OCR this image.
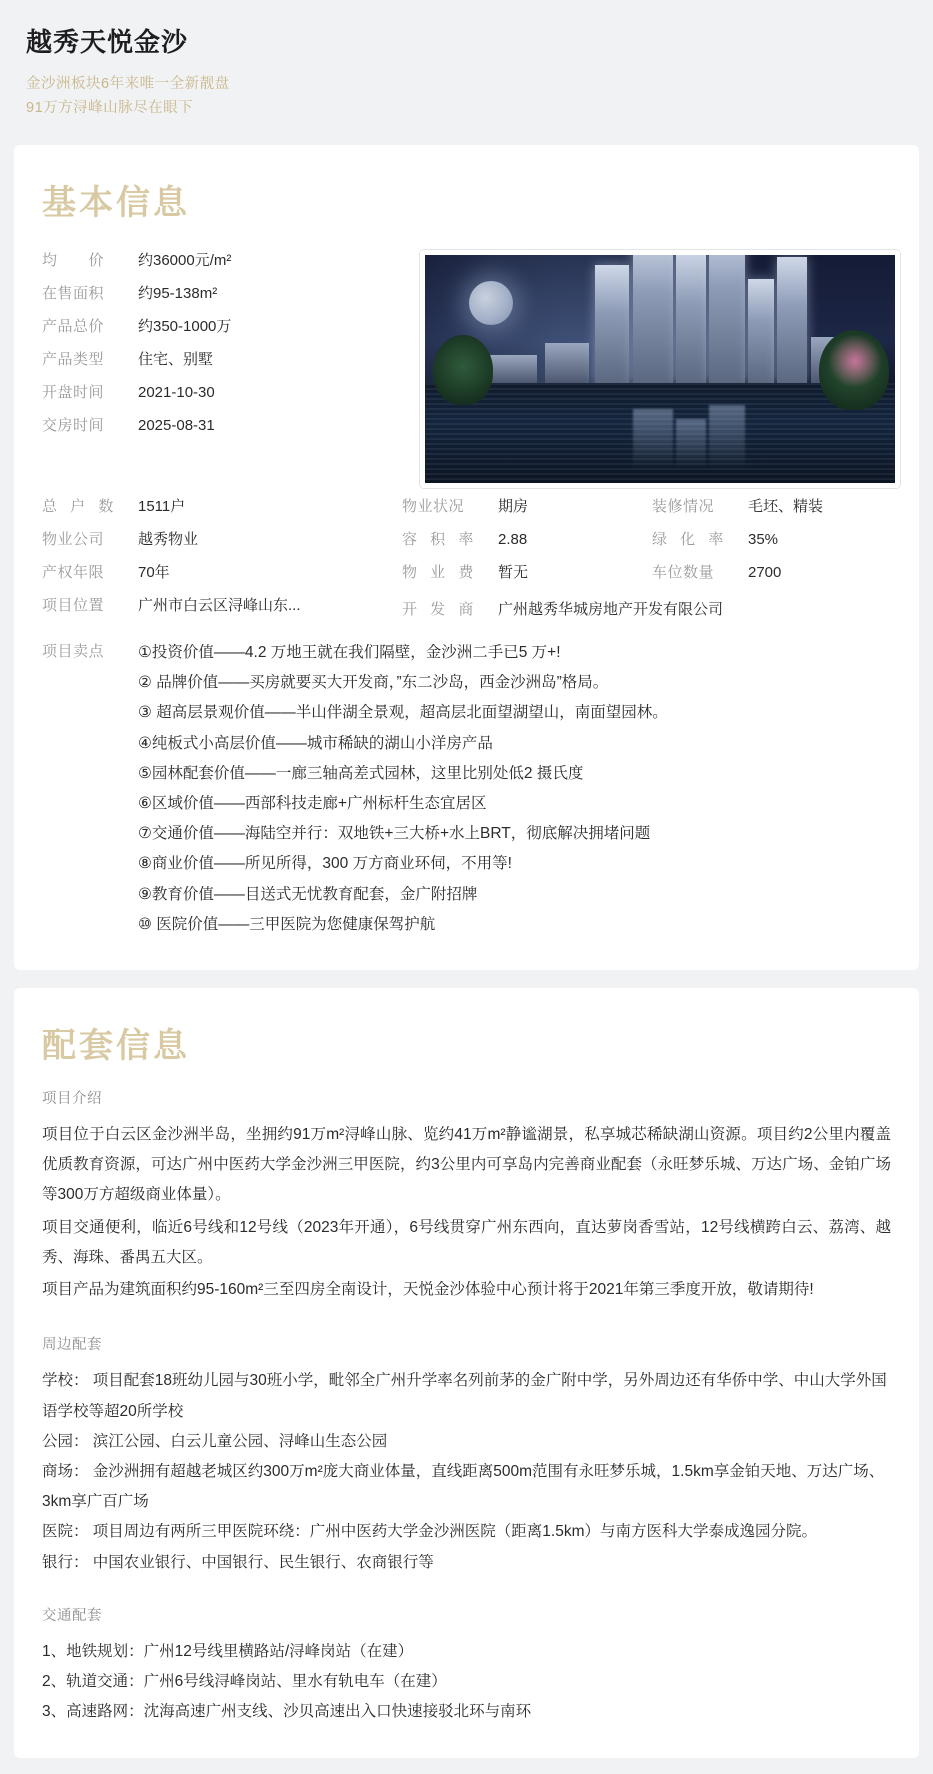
越秀天悦金沙
金沙洲板块6年来唯一全新靓盘
91万方浔峰山脉尽在眼下
基本信息
均　　价	约36000元/m²
在售面积	约95-138m²
产品总价	约350-1000万
产品类型	住宅、别墅
开盘时间	2021-10-30
交房时间	2025-08-31
总 户 数	1511户	物业状况	期房	装修情况	毛坯、精装
物业公司	越秀物业	容 积 率	2.88	绿 化 率	35%
产权年限	70年	物 业 费	暂无	车位数量	2700
项目位置	广州市白云区浔峰山东...	开 发 商	广州越秀华城房地产开发有限公司
项目卖点	①投资价值——4.2 万地王就在我们隔壁，金沙洲二手已5 万+!
② 品牌价值——买房就要买大开发商，”东二沙岛，西金沙洲岛”格局。
③ 超高层景观价值——半山伴湖全景观，超高层北面望湖望山，南面望园林。
④纯板式小高层价值——城市稀缺的湖山小洋房产品
⑤园林配套价值——一廊三轴高差式园林，这里比别处低2 摄氏度
⑥区域价值——西部科技走廊+广州标杆生态宜居区
⑦交通价值——海陆空并行：双地铁+三大桥+水上BRT，彻底解决拥堵问题
⑧商业价值——所见所得，300 万方商业环伺，不用等!
⑨教育价值——目送式无忧教育配套，金广附招牌
⑩ 医院价值——三甲医院为您健康保驾护航
配套信息
项目介绍

项目位于白云区金沙洲半岛，坐拥约91万m²浔峰山脉、览约41万m²静谧湖景，私享城芯稀缺湖山资源。项目约2公里内覆盖优质教育资源，可达广州中医药大学金沙洲三甲医院，约3公里内可享岛内完善商业配套（永旺梦乐城、万达广场、金铂广场等300万方超级商业体量）。

项目交通便利，临近6号线和12号线（2023年开通），6号线贯穿广州东西向，直达萝岗香雪站，12号线横跨白云、荔湾、越秀、海珠、番禺五大区。

项目产品为建筑面积约95-160m²三至四房全南设计，天悦金沙体验中心预计将于2021年第三季度开放，敬请期待!

周边配套
学校： 项目配套18班幼儿园与30班小学，毗邻全广州升学率名列前茅的金广附中学，另外周边还有华侨中学、中山大学外国语学校等超20所学校
公园： 滨江公园、白云儿童公园、浔峰山生态公园
商场： 金沙洲拥有超越老城区约300万m²庞大商业体量，直线距离500m范围有永旺梦乐城，1.5km享金铂天地、万达广场、3km享广百广场
医院： 项目周边有两所三甲医院环绕：广州中医药大学金沙洲医院（距离1.5km）与南方医科大学泰成逸园分院。
银行： 中国农业银行、中国银行、民生银行、农商银行等
交通配套
1、地铁规划：广州12号线里横路站/浔峰岗站（在建）
2、轨道交通：广州6号线浔峰岗站、里水有轨电车（在建）
3、高速路网：沈海高速广州支线、沙贝高速出入口快速接驳北环与南环
